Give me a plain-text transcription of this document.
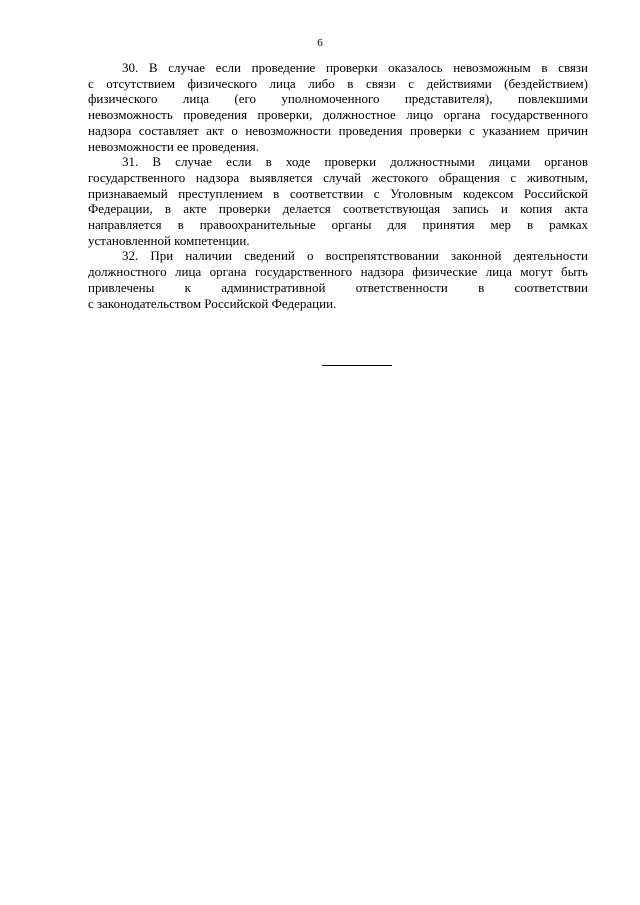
6

30. В случае если проведение проверки оказалось невозможным в связи
с отсутствием физического лица либо в связи с действиями (бездействием)
физического лица (его уполномоченного представителя), повлекшими
невозможность проведения проверки, должностное лицо органа государственного
надзора составляет акт о невозможности проведения проверки с указанием причин
невозможности ее проведения.

31. В случае если в ходе проверки должностными лицами органов
государственного надзора выявляется случай жестокого обращения с животным,
признаваемый преступлением в соответствии с Уголовным кодексом Российской
Федерации, в акте проверки делается соответствующая запись и копия акта
направляется в правоохранительные органы для принятия мер в рамках
установленной компетенции.

32. При наличии сведений о воспрепятствовании законной деятельности
должностного лица органа государственного надзора физические лица могут быть
привлечены к административной ответственности в соответствии
с законодательством Российской Федерации.
